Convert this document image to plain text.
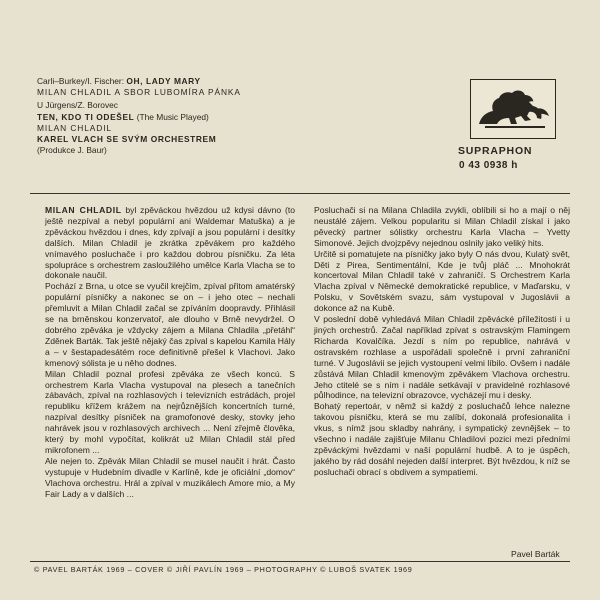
Carli–Burkey/I. Fischer: OH, LADY MARY
MILAN CHLADIL A SBOR LUBOMÍRA PÁNKA
U Jürgens/Z. Borovec
TEN, KDO TI ODEŠEL (The Music Played)
MILAN CHLADIL
KAREL VLACH SE SVÝM ORCHESTREM
(Produkce J. Baur)	SUPRAPHON
0 43 0938 h

MILAN CHLADIL byl zpěváckou hvězdou už kdysi dávno (to ještě nezpíval a nebyl populární ani Waldemar Matuška) a je zpěváckou hvězdou i dnes, kdy zpívají a jsou populární i desítky dalších. Milan Chladil je zkrátka zpěvákem pro každého vnímavého posluchače i pro každou dobrou písničku. Za léta spolupráce s orchestrem zasloužilého umělce Karla Vlacha se to dokonale naučil.

Pochází z Brna, u otce se vyučil krejčím, zpíval přitom amatérský populární písničky a nakonec se on – i jeho otec – nechali přemluvit a Milan Chladil začal se zpíváním doopravdy. Přihlásil se na brněnskou konzervatoř, ale dlouho v Brně nevydržel. O dobrého zpěváka je vždycky zájem a Milana Chladila „přetáhl“ Zděnek Barták. Tak ještě nějaký čas zpíval s kapelou Kamila Hály a – v šestapadesátém roce definitivně přešel k Vlachovi. Jako kmenový sólista je u něho dodnes.

Milan Chladil poznal profesi zpěváka ze všech koncú. S orchestrem Karla Vlacha vystupoval na plesech a tanečních zábavách, zpíval na rozhlasových i televizních estrádách, projel republiku křížem krážem na nejrůznějších koncertních turné, nazpíval desítky písniček na gramofonové desky, stovky jeho nahrávek jsou v rozhlasových archivech ... Není zřejmě člověka, který by mohl vypočítat, kolikrát už Milan Chladil stál před mikrofonem ...

Ale nejen to. Zpěvák Milan Chladil se musel naučit i hrát. Často vystupuje v Hudebním divadle v Karlíně, kde je oficiální „domov“ Vlachova orchestru. Hrál a zpíval v muzikálech Amore mio, a My Fair Lady a v dalších ...

Posluchači si na Milana Chladila zvykli, oblíbili si ho a mají o něj neustálé zájem. Velkou popularitu si Milan Chladil získal i jako pěvecký partner sólistky orchestru Karla Vlacha – Yvetty Simonové. Jejich dvojzpěvy nejednou oslnily jako veliký hits.

Určitě si pomatujete na písničky jako byly O nás dvou, Kulatý svět, Děti z Pirea, Sentimentální, Kde je tvůj pláč ... Mnohokrát koncertoval Milan Chladil také v zahraničí. S Orchestrem Karla Vlacha zpíval v Německé demokratické republice, v Maďarsku, v Polsku, v Sovětském svazu, sám vystupoval v Jugoslávii a dokonce až na Kubě.

V poslední době vyhledává Milan Chladil zpěvácké příležitosti i u jiných orchestrů. Začal například zpívat s ostravským Flamingem Richarda Kovalčíka. Jezdí s ním po republice, nahrává v ostravském rozhlase a uspořádali společně i první zahraniční turné. V Jugoslávii se jejich vystoupení velmi líbilo. Ovšem i nadále zůstává Milan Chladil kmenovým zpěvákem Vlachova orchestru. Jeho ctitelé se s ním i nadále setkávají v pravidelné rozhlasové půlhodince, na televizní obrazovce, vycházejí mu i desky.

Bohatý repertoár, v němž si každý z posluchačů lehce nalezne takovou písničku, která se mu zalíbí, dokonalá profesionalita i vkus, s nímž jsou skladby nahrány, i sympatický zevnějšek – to všechno i nadále zajišťuje Milanu Chladilovi pozici mezi předními zpěváckými hvězdami v naší populární hudbě. A to je úspěch, jakého by rád dosáhl nejeden další interpret. Být hvězdou, k níž se posluchači obrací s obdivem a sympatiemi.

Pavel Barták
© PAVEL BARTÁK 1969 – COVER © JIŘÍ PAVLÍN 1969 – PHOTOGRAPHY © LUBOŠ SVATEK 1969
